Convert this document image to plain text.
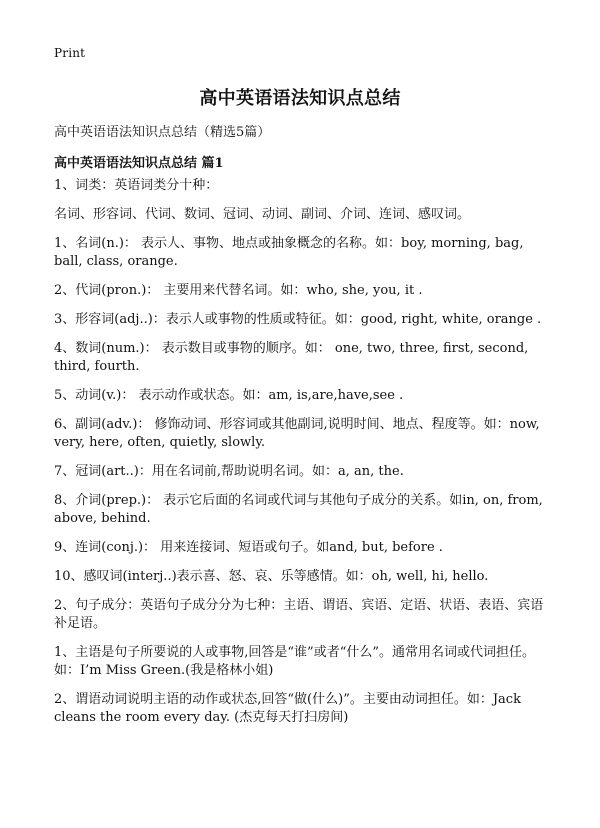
Print
高中英语语法知识点总结
高中英语语法知识点总结（精选5篇）
高中英语语法知识点总结 篇1

1、词类：英语词类分十种：

名词、形容词、代词、数词、冠词、动词、副词、介词、连词、感叹词。

1、名词(n.)： 表示人、事物、地点或抽象概念的名称。如：boy, morning, bag, ball, class, orange.

2、代词(pron.)： 主要用来代替名词。如：who, she, you, it .

3、形容词(adj..)：表示人或事物的性质或特征。如：good, right, white, orange .

4、数词(num.)： 表示数目或事物的顺序。如： one, two, three, first, second, third, fourth.

5、动词(v.)： 表示动作或状态。如：am, is,are,have,see .

6、副词(adv.)： 修饰动词、形容词或其他副词,说明时间、地点、程度等。如：now, very, here, often, quietly, slowly.

7、冠词(art..)：用在名词前,帮助说明名词。如：a, an, the.

8、介词(prep.)： 表示它后面的名词或代词与其他句子成分的关系。如in, on, from, above, behind.

9、连词(conj.)： 用来连接词、短语或句子。如and, but, before .

10、感叹词(interj..)表示喜、怒、哀、乐等感情。如：oh, well, hi, hello.

2、句子成分：英语句子成分分为七种：主语、谓语、宾语、定语、状语、表语、宾语补足语。

1、主语是句子所要说的人或事物,回答是“谁”或者“什么”。通常用名词或代词担任。如：I’m Miss Green.(我是格林小姐)

2、谓语动词说明主语的动作或状态,回答“做(什么)”。主要由动词担任。如：Jack cleans the room every day. (杰克每天打扫房间)
